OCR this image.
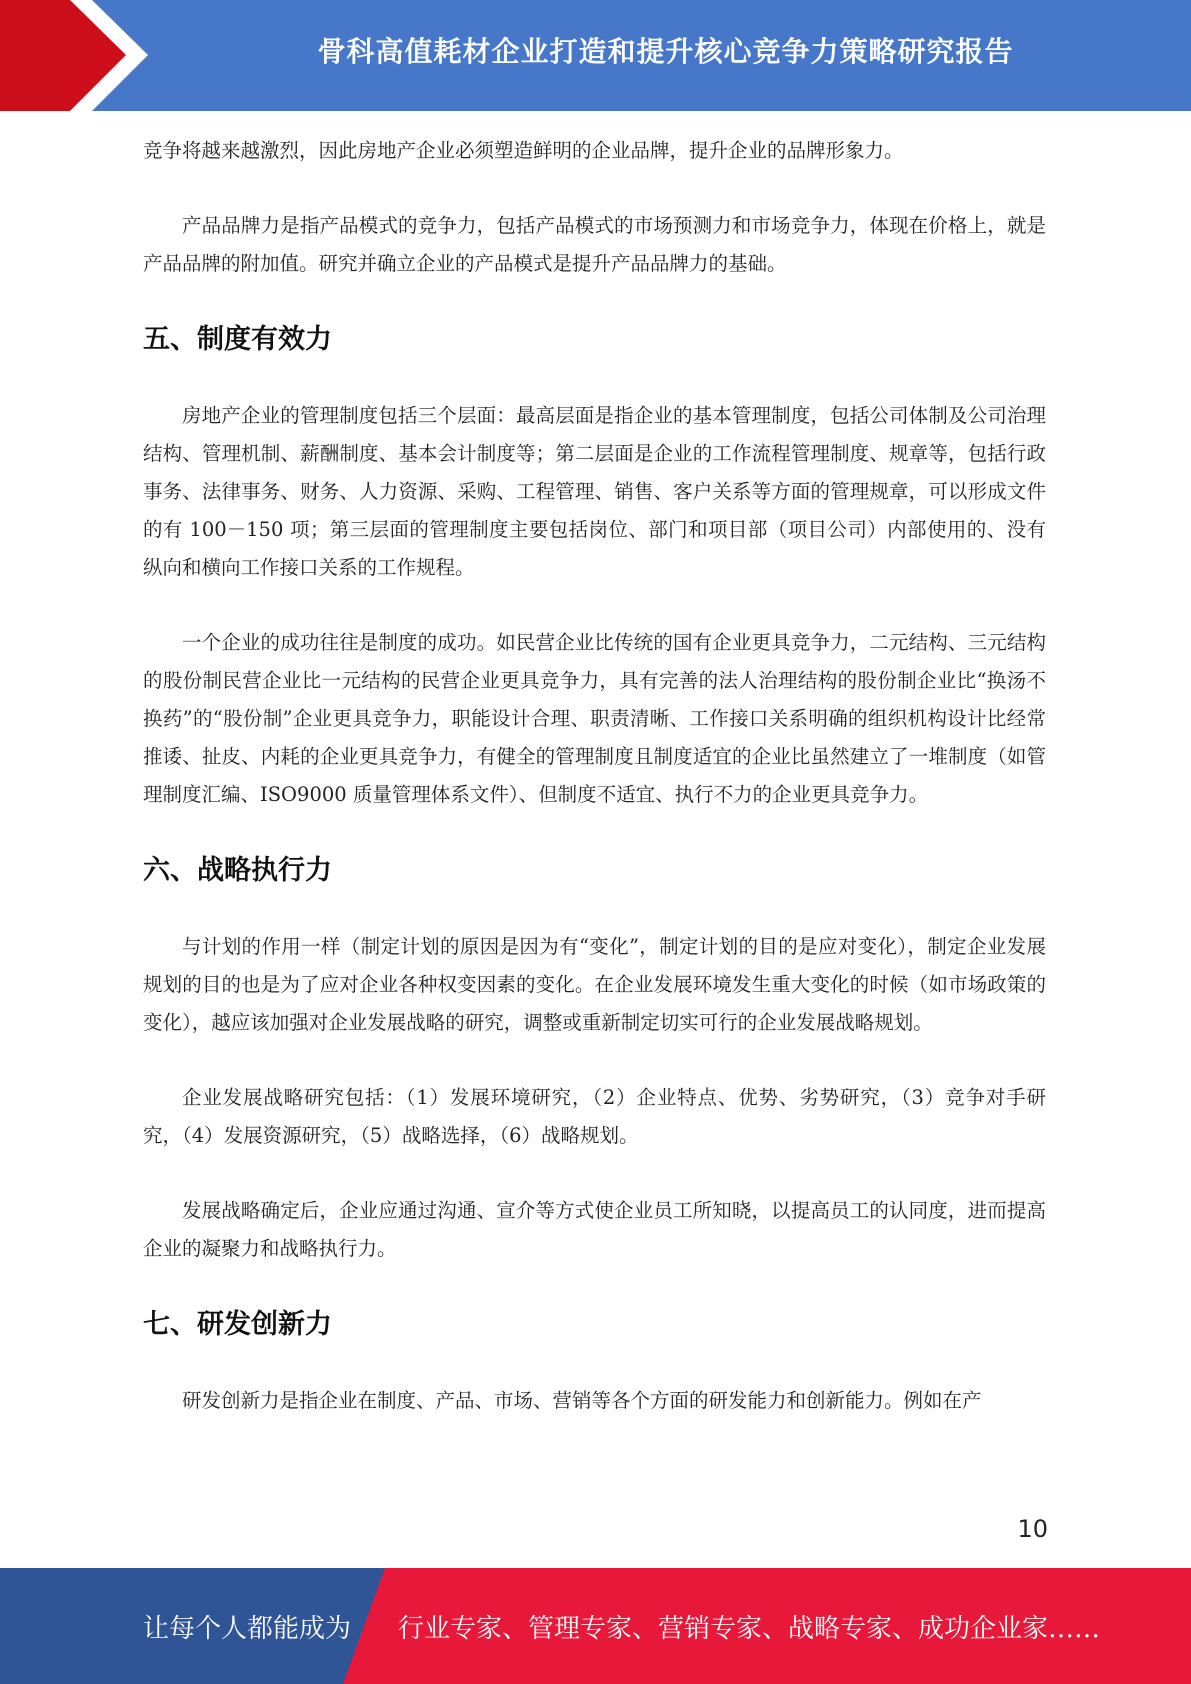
骨科高值耗材企业打造和提升核心竞争力策略研究报告

竞争将越来越激烈，因此房地产企业必须塑造鲜明的企业品牌，提升企业的品牌形象力。

产品品牌力是指产品模式的竞争力，包括产品模式的市场预测力和市场竞争力，体现在价格上，就是产品品牌的附加值。研究并确立企业的产品模式是提升产品品牌力的基础。

五、制度有效力

房地产企业的管理制度包括三个层面：最高层面是指企业的基本管理制度，包括公司体制及公司治理结构、管理机制、薪酬制度、基本会计制度等；第二层面是企业的工作流程管理制度、规章等，包括行政事务、法律事务、财务、人力资源、采购、工程管理、销售、客户关系等方面的管理规章，可以形成文件的有 100－150 项；第三层面的管理制度主要包括岗位、部门和项目部（项目公司）内部使用的、没有纵向和横向工作接口关系的工作规程。

一个企业的成功往往是制度的成功。如民营企业比传统的国有企业更具竞争力，二元结构、三元结构的股份制民营企业比一元结构的民营企业更具竞争力，具有完善的法人治理结构的股份制企业比“换汤不换药”的“股份制”企业更具竞争力，职能设计合理、职责清晰、工作接口关系明确的组织机构设计比经常推诿、扯皮、内耗的企业更具竞争力，有健全的管理制度且制度适宜的企业比虽然建立了一堆制度（如管理制度汇编、ISO9000 质量管理体系文件）、但制度不适宜、执行不力的企业更具竞争力。

六、战略执行力

与计划的作用一样（制定计划的原因是因为有“变化”，制定计划的目的是应对变化），制定企业发展规划的目的也是为了应对企业各种权变因素的变化。在企业发展环境发生重大变化的时候（如市场政策的变化），越应该加强对企业发展战略的研究，调整或重新制定切实可行的企业发展战略规划。

企业发展战略研究包括：（1）发展环境研究，（2）企业特点、优势、劣势研究，（3）竞争对手研究，（4）发展资源研究，（5）战略选择，（6）战略规划。

发展战略确定后，企业应通过沟通、宣介等方式使企业员工所知晓，以提高员工的认同度，进而提高企业的凝聚力和战略执行力。

七、研发创新力

研发创新力是指企业在制度、产品、市场、营销等各个方面的研发能力和创新能力。例如在产

10
让每个人都能成为 行业专家、管理专家、营销专家、战略专家、成功企业家……
